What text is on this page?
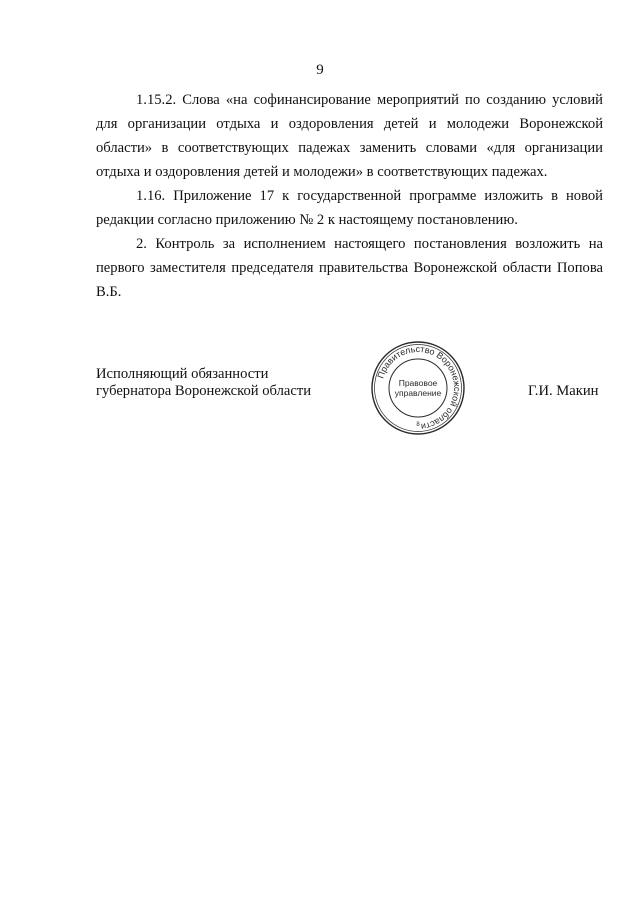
9

1.15.2. Слова «на софинансирование мероприятий по созданию условий для организации отдыха и оздоровления детей и молодежи Воронежской области» в соответствующих падежах заменить словами «для организации отдыха и оздоровления детей и молодежи» в соответствующих падежах.

1.16. Приложение 17 к государственной программе изложить в новой редакции согласно приложению № 2 к настоящему постановлению.

2. Контроль за исполнением настоящего постановления возложить на первого заместителя председателя правительства Воронежской области Попова В.Б.

Исполняющий обязанности
губернатора Воронежской области
Правительство Воронежской области
Правовое
управление
8
Г.И. Макин
